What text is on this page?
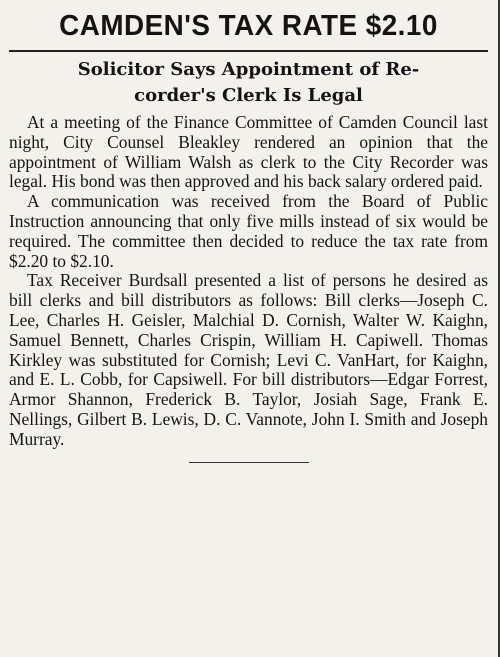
CAMDEN'S TAX RATE $2.10
Solicitor Says Appointment of Re-
corder's Clerk Is Legal

At a meeting of the Finance Committee of Camden Council last night, City Counsel Bleakley rendered an opinion that the appointment of William Walsh as clerk to the City Recorder was legal. His bond was then approved and his back salary ordered paid.

A communication was received from the Board of Public Instruction announcing that only five mills instead of six would be required. The committee then decided to reduce the tax rate from $2.20 to $2.10.

Tax Receiver Burdsall presented a list of persons he desired as bill clerks and bill distributors as follows: Bill clerks—Joseph C. Lee, Charles H. Geisler, Malchial D. Cornish, Walter W. Kaighn, Samuel Bennett, Charles Crispin, William H. Capiwell. Thomas Kirkley was substituted for Cornish; Levi C. VanHart, for Kaighn, and E. L. Cobb, for Capsiwell. For bill distributors—Edgar Forrest, Armor Shannon, Frederick B. Taylor, Josiah Sage, Frank E. Nellings, Gilbert B. Lewis, D. C. Vannote, John I. Smith and Joseph Murray.
